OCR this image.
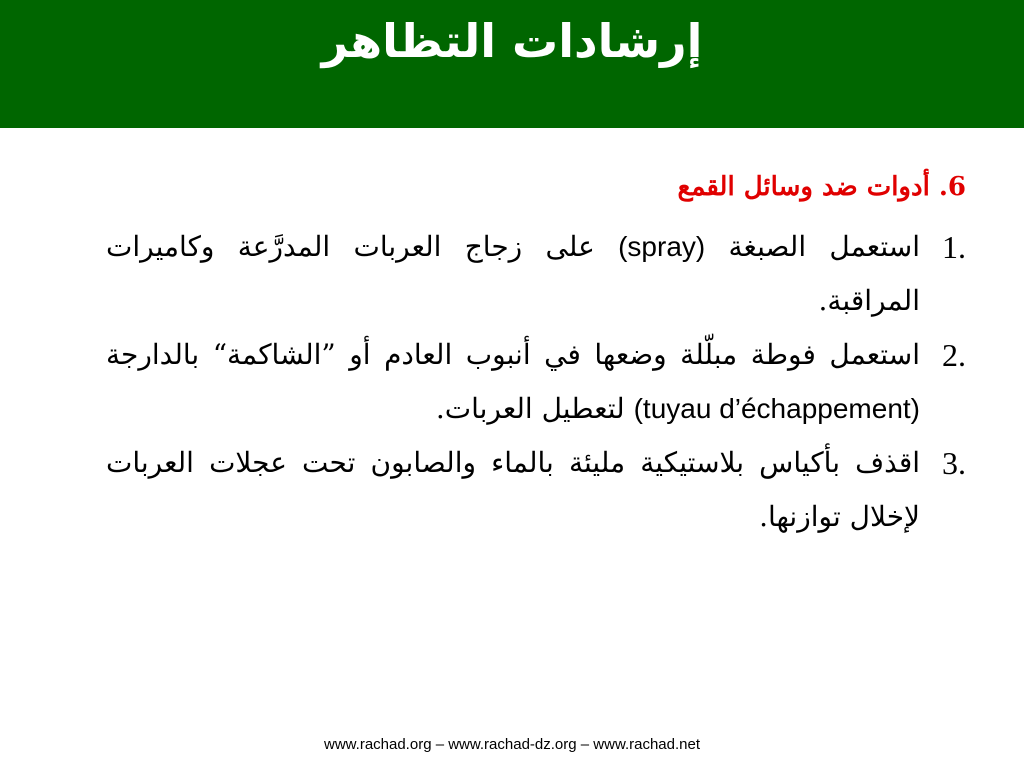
إرشادات التظاهر
6. أدوات ضد وسائل القمع
.1
استعمل الصبغة (spray) على زجاج العربات المدرَّعة وكاميرات المراقبة.
.2
استعمل فوطة مبلّلة وضعها في أنبوب العادم أو ”الشاكمة“ بالدارجة (tuyau d’échappement) لتعطيل العربات.
.3
اقذف بأكياس بلاستيكية مليئة بالماء والصابون تحت عجلات العربات لإخلال توازنها.
www.rachad.org – www.rachad-dz.org – www.rachad.net
